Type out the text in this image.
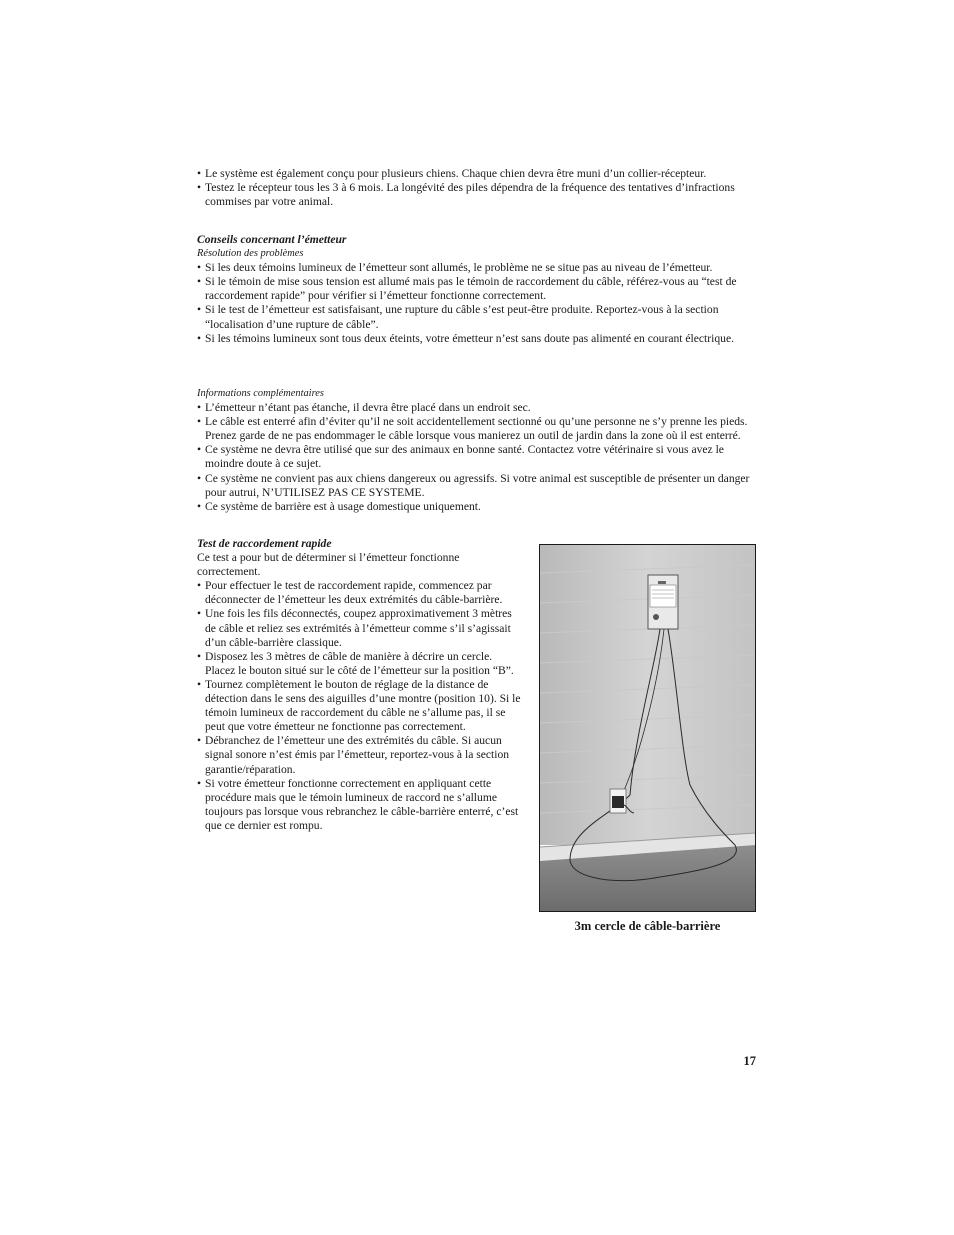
• Le système est également conçu pour plusieurs chiens. Chaque chien devra être muni d’un collier-récepteur.
• Testez le récepteur tous les 3 à 6 mois. La longévité des piles dépendra de la fréquence des tentatives d’infractions commises par votre animal.

Conseils concernant l’émetteur

Résolution des problèmes

• Si les deux témoins lumineux de l’émetteur sont allumés, le problème ne se situe pas au niveau de l’émetteur.
• Si le témoin de mise sous tension est allumé mais pas le témoin de raccordement du câble, référez-vous au “test de raccordement rapide” pour vérifier si l’émetteur fonctionne correctement.
• Si le test de l’émetteur est satisfaisant, une rupture du câble s’est peut-être produite. Reportez-vous à la section “localisation d’une rupture de câble”.
• Si les témoins lumineux sont tous deux éteints, votre émetteur n’est sans doute pas alimenté en courant électrique.

Informations complémentaires

• L’émetteur n’étant pas étanche, il devra être placé dans un endroit sec.
• Le câble est enterré afin d’éviter qu’il ne soit accidentellement sectionné ou qu’une personne ne s’y prenne les pieds. Prenez garde de ne pas endommager le câble lorsque vous manierez un outil de jardin dans la zone où il est enterré.
• Ce système ne devra être utilisé que sur des animaux en bonne santé. Contactez votre vétérinaire si vous avez le moindre doute à ce sujet.
• Ce système ne convient pas aux chiens dangereux ou agressifs. Si votre animal est susceptible de présenter un danger pour autrui, N’UTILISEZ PAS CE SYSTEME.
• Ce système de barrière est à usage domestique uniquement.

Test de raccordement rapide

Ce test a pour but de déterminer si l’émetteur fonctionne correctement.

• Pour effectuer le test de raccordement rapide, commencez par déconnecter de l’émetteur les deux extrémités du câble-barrière.
• Une fois les fils déconnectés, coupez approximativement 3 mètres de câble et reliez ses extrémités à l’émetteur comme s’il s’agissait d’un câble-barrière classique.
• Disposez les 3 mètres de câble de manière à décrire un cercle. Placez le bouton situé sur le côté de l’émetteur sur la position “B”.
• Tournez complètement le bouton de réglage de la distance de détection dans le sens des aiguilles d’une montre (position 10). Si le témoin lumineux de raccordement du câble ne s’allume pas, il se peut que votre émetteur ne fonctionne pas correctement.
• Débranchez de l’émetteur une des extrémités du câble. Si aucun signal sonore n’est émis par l’émetteur, reportez-vous à la section garantie/réparation.
• Si votre émetteur fonctionne correctement en appliquant cette procédure mais que le témoin lumineux de raccord ne s’allume toujours pas lorsque vous rebranchez le câble-barrière enterré, c’est que ce dernier est rompu.
3m cercle de câble-barrière
17
